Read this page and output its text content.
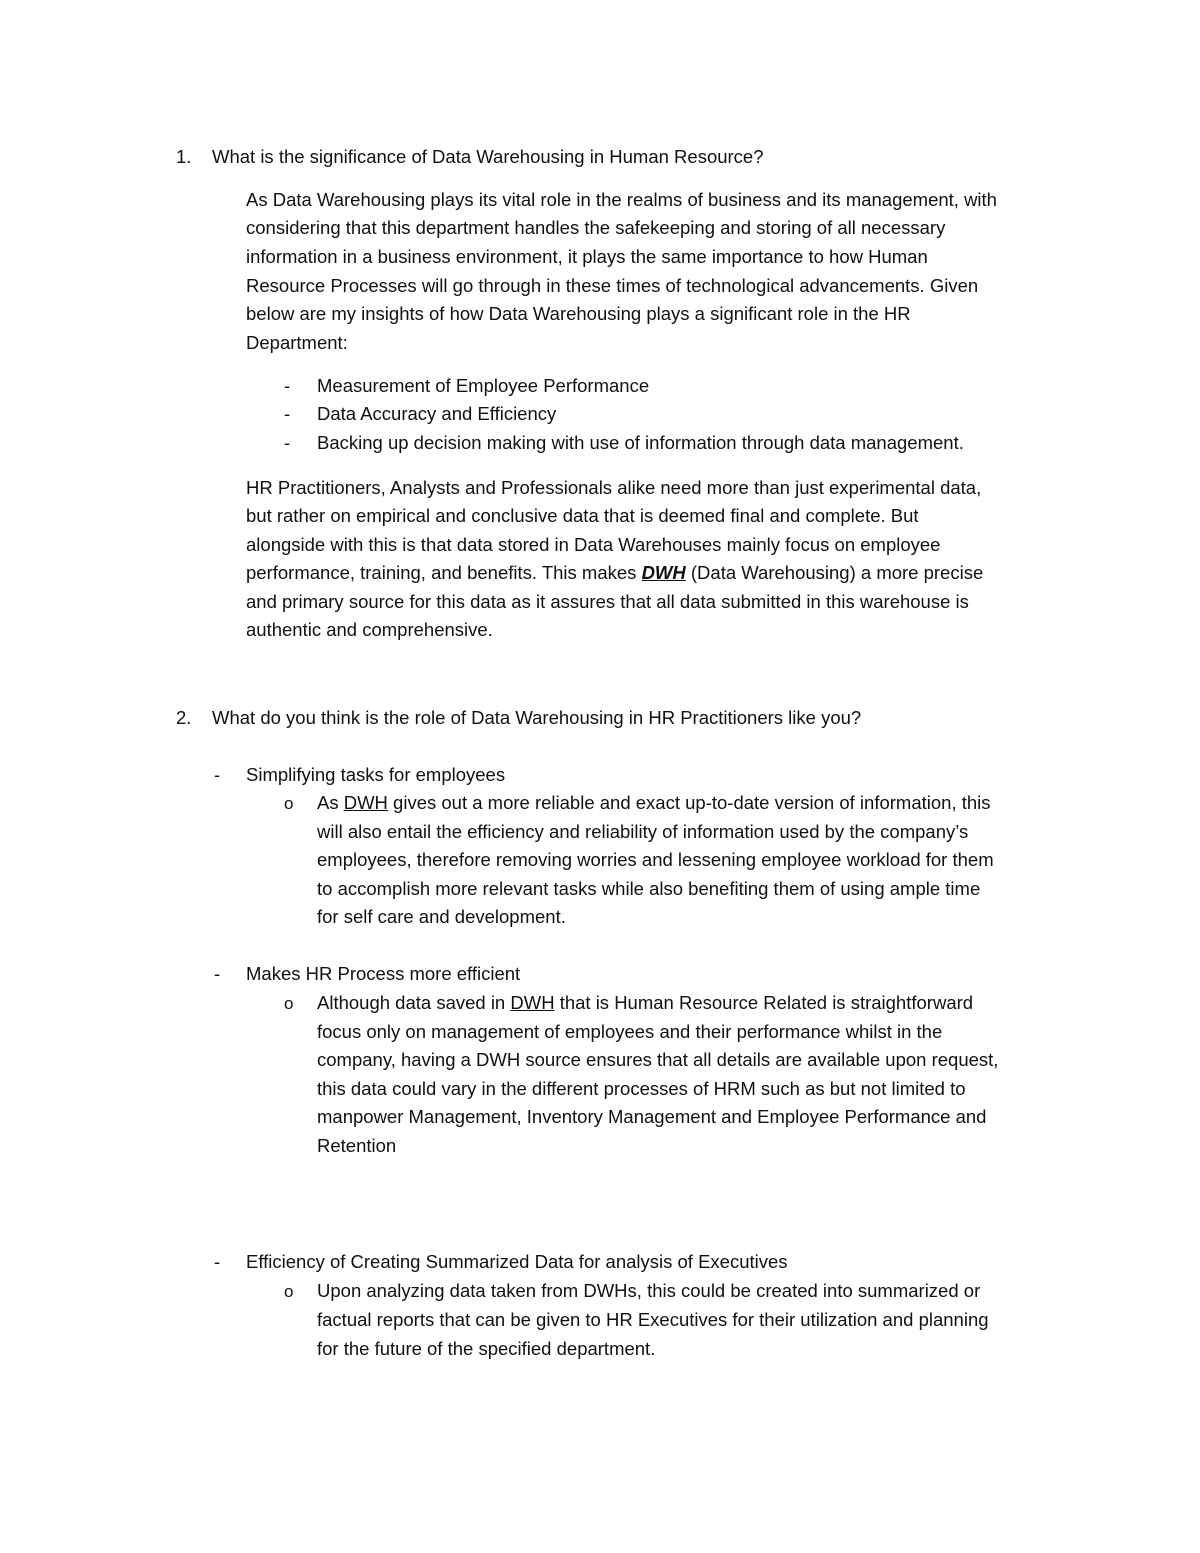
1. What is the significance of Data Warehousing in Human Resource?
As Data Warehousing plays its vital role in the realms of business and its management, with
considering that this department handles the safekeeping and storing of all necessary
information in a business environment, it plays the same importance to how Human
Resource Processes will go through in these times of technological advancements. Given
below are my insights of how Data Warehousing plays a significant role in the HR
Department:
- Measurement of Employee Performance
- Data Accuracy and Efficiency
- Backing up decision making with use of information through data management.
HR Practitioners, Analysts and Professionals alike need more than just experimental data,
but rather on empirical and conclusive data that is deemed final and complete. But
alongside with this is that data stored in Data Warehouses mainly focus on employee
performance, training, and benefits. This makes DWH (Data Warehousing) a more precise
and primary source for this data as it assures that all data submitted in this warehouse is
authentic and comprehensive.
2. What do you think is the role of Data Warehousing in HR Practitioners like you?
- Simplifying tasks for employees
o As DWH gives out a more reliable and exact up-to-date version of information, this
will also entail the efficiency and reliability of information used by the company’s
employees, therefore removing worries and lessening employee workload for them
to accomplish more relevant tasks while also benefiting them of using ample time
for self care and development.
- Makes HR Process more efficient
o Although data saved in DWH that is Human Resource Related is straightforward
focus only on management of employees and their performance whilst in the
company, having a DWH source ensures that all details are available upon request,
this data could vary in the different processes of HRM such as but not limited to
manpower Management, Inventory Management and Employee Performance and
Retention
- Efficiency of Creating Summarized Data for analysis of Executives
o Upon analyzing data taken from DWHs, this could be created into summarized or
factual reports that can be given to HR Executives for their utilization and planning
for the future of the specified department.
